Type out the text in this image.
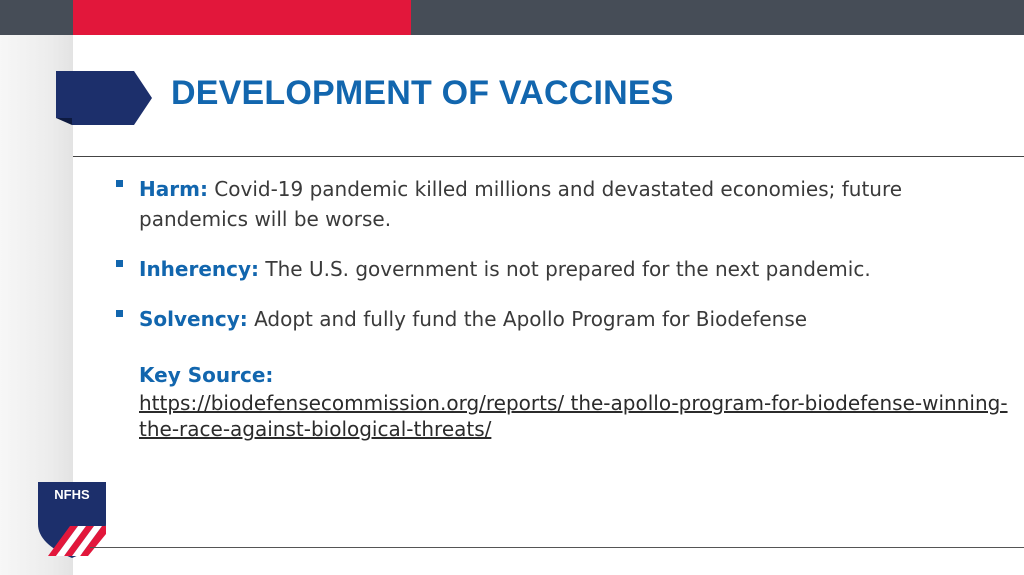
DEVELOPMENT OF VACCINES
Harm: Covid-19 pandemic killed millions and devastated economies; future pandemics will be worse.
Inherency: The U.S. government is not prepared for the next pandemic.
Solvency: Adopt and fully fund the Apollo Program for Biodefense
Key Source:
https://biodefensecommission.org/reports/ the-apollo-program-for-biodefense-winning-the-race-against-biological-threats/
NFHS
